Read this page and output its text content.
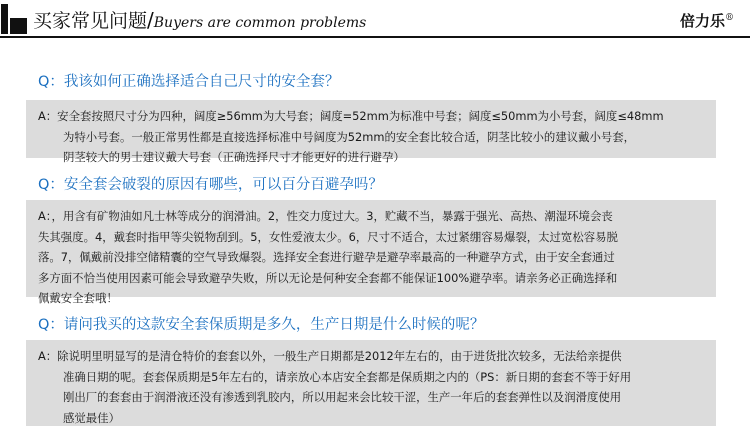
买家常见问题/Buyers are common problems	倍力乐®
Q：我该如何正确选择适合自己尺寸的安全套？
A：安全套按照尺寸分为四种，阔度≥56mm为大号套；阔度=52mm为标准中号套；阔度≤50mm为小号套，阔度≤48mm
为特小号套。一般正常男性都是直接选择标准中号阔度为52mm的安全套比较合适，阴茎比较小的建议戴小号套，
阴茎较大的男士建议戴大号套（正确选择尺寸才能更好的进行避孕）
Q：安全套会破裂的原因有哪些，可以百分百避孕吗？
A：，用含有矿物油如凡士林等成分的润滑油。2，性交力度过大。3，贮藏不当，暴露于强光、高热、潮湿环境会丧
失其强度。4，戴套时指甲等尖锐物刮到。5，女性爱液太少。6，尺寸不适合，太过紧绷容易爆裂，太过宽松容易脱
落。7，佩戴前没排空储精囊的空气导致爆裂。选择安全套进行避孕是避孕率最高的一种避孕方式，由于安全套通过
多方面不恰当使用因素可能会导致避孕失败，所以无论是何种安全套都不能保证100%避孕率。请亲务必正确选择和
佩戴安全套哦！
Q：请问我买的这款安全套保质期是多久，生产日期是什么时候的呢？
A：除说明里明显写的是清仓特价的套套以外，一般生产日期都是2012年左右的，由于进货批次较多，无法给亲提供
准确日期的呢。套套保质期是5年左右的，请亲放心本店安全套都是保质期之内的（PS：新日期的套套不等于好用
刚出厂的套套由于润滑液还没有渗透到乳胶内，所以用起来会比较干涩，生产一年后的套套弹性以及润滑度使用
感觉最佳）
